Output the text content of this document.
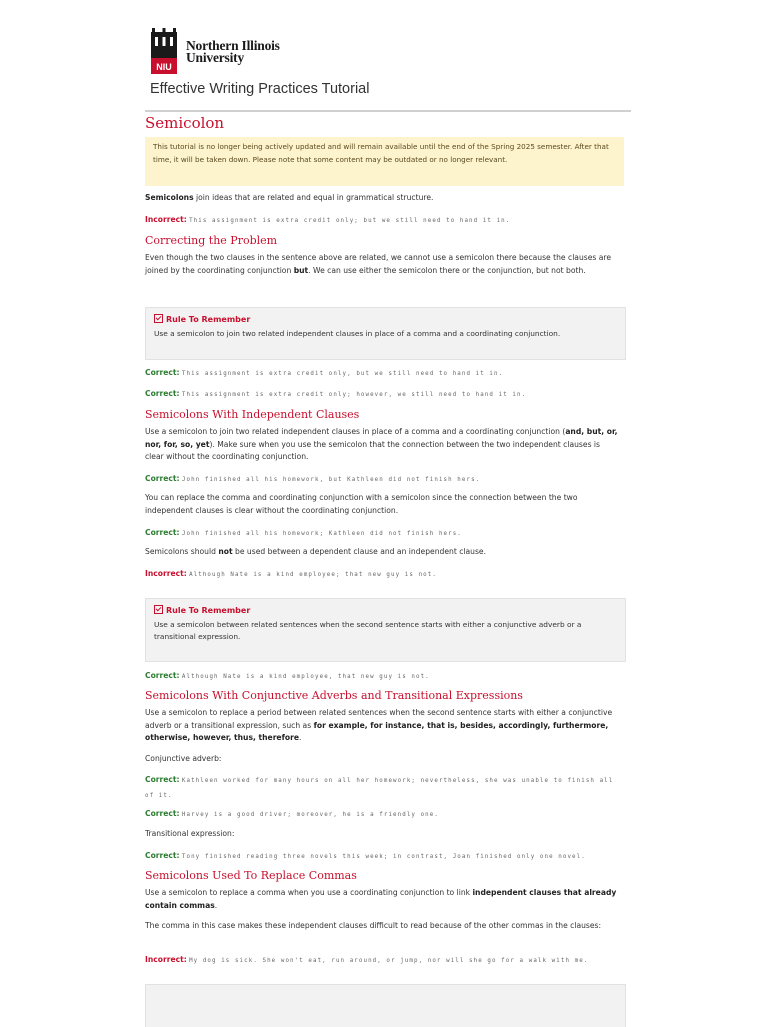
NIU
Northern Illinois
University
Effective Writing Practices Tutorial
Semicolon
This tutorial is no longer being actively updated and will remain available until the end of the Spring 2025 semester. After that time, it will be taken down. Please note that some content may be outdated or no longer relevant.

Semicolons join ideas that are related and equal in grammatical structure.

Incorrect: This assignment is extra credit only; but we still need to hand it in.
Correcting the Problem

Even though the two clauses in the sentence above are related, we cannot use a semicolon there because the clauses are joined by the coordinating conjunction but. We can use either the semicolon there or the conjunction, but not both.

Rule To Remember
Use a semicolon to join two related independent clauses in place of a comma and a coordinating conjunction.
Correct: This assignment is extra credit only, but we still need to hand it in.
Correct: This assignment is extra credit only; however, we still need to hand it in.
Semicolons With Independent Clauses

Use a semicolon to join two related independent clauses in place of a comma and a coordinating conjunction (and, but, or, nor, for, so, yet). Make sure when you use the semicolon that the connection between the two independent clauses is clear without the coordinating conjunction.

Correct: John finished all his homework, but Kathleen did not finish hers.

You can replace the comma and coordinating conjunction with a semicolon since the connection between the two independent clauses is clear without the coordinating conjunction.

Correct: John finished all his homework; Kathleen did not finish hers.

Semicolons should not be used between a dependent clause and an independent clause.

Incorrect: Although Nate is a kind employee; that new guy is not.
Rule To Remember
Use a semicolon between related sentences when the second sentence starts with either a conjunctive adverb or a transitional expression.
Correct: Although Nate is a kind employee, that new guy is not.
Semicolons With Conjunctive Adverbs and Transitional Expressions

Use a semicolon to replace a period between related sentences when the second sentence starts with either a conjunctive adverb or a transitional expression, such as for example, for instance, that is, besides, accordingly, furthermore, otherwise, however, thus, therefore.

Conjunctive adverb:

Correct: Kathleen worked for many hours on all her homework; nevertheless, she was unable to finish all of it.
Correct: Harvey is a good driver; moreover, he is a friendly one.

Transitional expression:

Correct: Tony finished reading three novels this week; in contrast, Joan finished only one novel.
Semicolons Used To Replace Commas

Use a semicolon to replace a comma when you use a coordinating conjunction to link independent clauses that already contain commas.

The comma in this case makes these independent clauses difficult to read because of the other commas in the clauses:

Incorrect: My dog is sick. She won't eat, run around, or jump, nor will she go for a walk with me.
